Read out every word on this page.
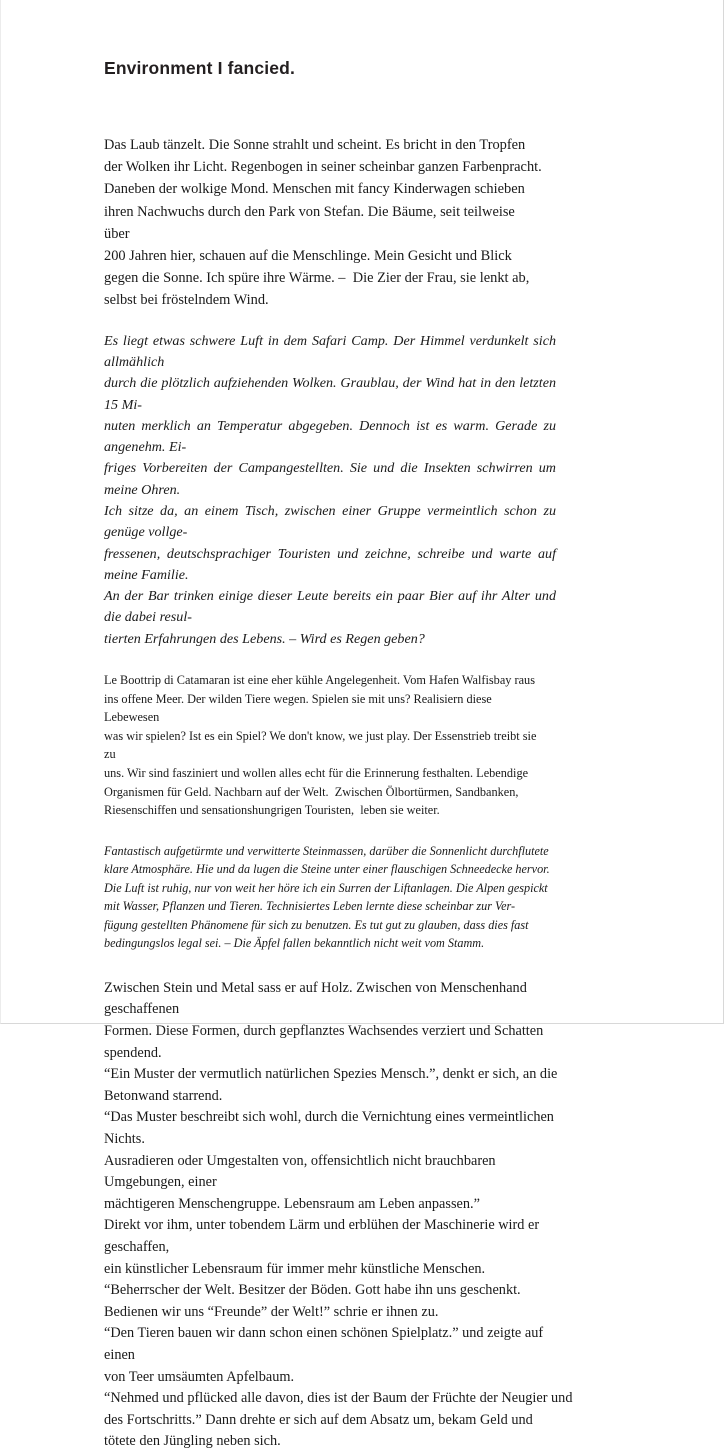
Environment I fancied.
Das Laub tänzelt. Die Sonne strahlt und scheint. Es bricht in den Tropfen
der Wolken ihr Licht. Regenbogen in seiner scheinbar ganzen Farbenpracht.
Daneben der wolkige Mond. Menschen mit fancy Kinderwagen schieben
ihren Nachwuchs durch den Park von Stefan. Die Bäume, seit teilweise über
200 Jahren hier, schauen auf die Menschlinge. Mein Gesicht und Blick
gegen die Sonne. Ich spüre ihre Wärme. –  Die Zier der Frau, sie lenkt ab,
selbst bei fröstelndem Wind.
Es liegt etwas schwere Luft in dem Safari Camp. Der Himmel verdunkelt sich allmählich
durch die plötzlich aufziehenden Wolken. Graublau, der Wind hat in den letzten 15 Mi-
nuten merklich an Temperatur abgegeben. Dennoch ist es warm. Gerade zu angenehm. Ei-
friges Vorbereiten der Campangestellten. Sie und die Insekten schwirren um meine Ohren.
Ich sitze da, an einem Tisch, zwischen einer Gruppe vermeintlich schon zu genüge vollge-
fressenen, deutschsprachiger Touristen und zeichne, schreibe und warte auf meine Familie.
An der Bar trinken einige dieser Leute bereits ein paar Bier auf ihr Alter und die dabei resul-
tierten Erfahrungen des Lebens. – Wird es Regen geben?
Le Boottrip di Catamaran ist eine eher kühle Angelegenheit. Vom Hafen Walfisbay raus
ins offene Meer. Der wilden Tiere wegen. Spielen sie mit uns? Realisiern diese Lebewesen
was wir spielen? Ist es ein Spiel? We don't know, we just play. Der Essenstrieb treibt sie zu
uns. Wir sind fasziniert und wollen alles echt für die Erinnerung festhalten. Lebendige
Organismen für Geld. Nachbarn auf der Welt.  Zwischen Ölbortürmen, Sandbanken,
Riesenschiffen und sensationshungrigen Touristen,  leben sie weiter.
Fantastisch aufgetürmte und verwitterte Steinmassen, darüber die Sonnenlicht durchflutete
klare Atmosphäre. Hie und da lugen die Steine unter einer flauschigen Schneedecke hervor.
Die Luft ist ruhig, nur von weit her höre ich ein Surren der Liftanlagen. Die Alpen gespickt
mit Wasser, Pflanzen und Tieren. Technisiertes Leben lernte diese scheinbar zur Ver-
fügung gestellten Phänomene für sich zu benutzen. Es tut gut zu glauben, dass dies fast
bedingungslos legal sei. – Die Äpfel fallen bekanntlich nicht weit vom Stamm.
Zwischen Stein und Metal sass er auf Holz. Zwischen von Menschenhand geschaffenen
Formen. Diese Formen, durch gepflanztes Wachsendes verziert und Schatten spendend.
“Ein Muster der vermutlich natürlichen Spezies Mensch.”, denkt er sich, an die
Betonwand starrend.
“Das Muster beschreibt sich wohl, durch die Vernichtung eines vermeintlichen Nichts.
Ausradieren oder Umgestalten von, offensichtlich nicht brauchbaren Umgebungen, einer
mächtigeren Menschengruppe. Lebensraum am Leben anpassen.”
Direkt vor ihm, unter tobendem Lärm und erblühen der Maschinerie wird er geschaffen,
ein künstlicher Lebensraum für immer mehr künstliche Menschen.
“Beherrscher der Welt. Besitzer der Böden. Gott habe ihn uns geschenkt.
Bedienen wir uns “Freunde” der Welt!” schrie er ihnen zu.
“Den Tieren bauen wir dann schon einen schönen Spielplatz.” und zeigte auf einen
von Teer umsäumten Apfelbaum.
“Nehmed und pflücked alle davon, dies ist der Baum der Früchte der Neugier und
des Fortschritts.” Dann drehte er sich auf dem Absatz um, bekam Geld und
tötete den Jüngling neben sich.
